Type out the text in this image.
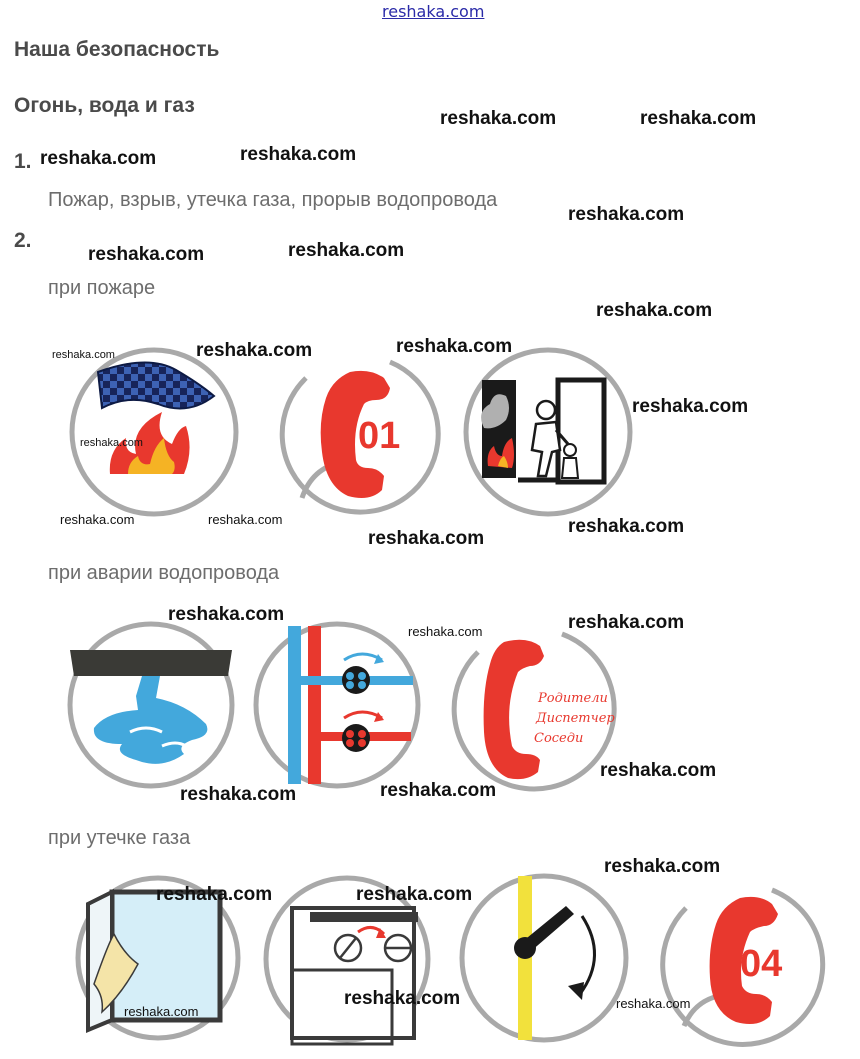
reshaka.com
Наша безопасность
Огонь, вода и газ
1.
Пожар, взрыв, утечка газа, прорыв водопровода
2.
при пожаре
при аварии водопровода
при утечке газа
01
Родители
Диспетчер
Соседи
04
reshaka.com	reshaka.com
reshaka.com	reshaka.com
reshaka.com
reshaka.com	reshaka.com
reshaka.com
reshaka.com	reshaka.com	reshaka.com
reshaka.com
reshaka.com
reshaka.com	reshaka.com	reshaka.com
reshaka.com
reshaka.com	reshaka.com
reshaka.com
reshaka.com
reshaka.com
reshaka.com
reshaka.com
reshaka.com	reshaka.com
reshaka.com	reshaka.com
reshaka.com
